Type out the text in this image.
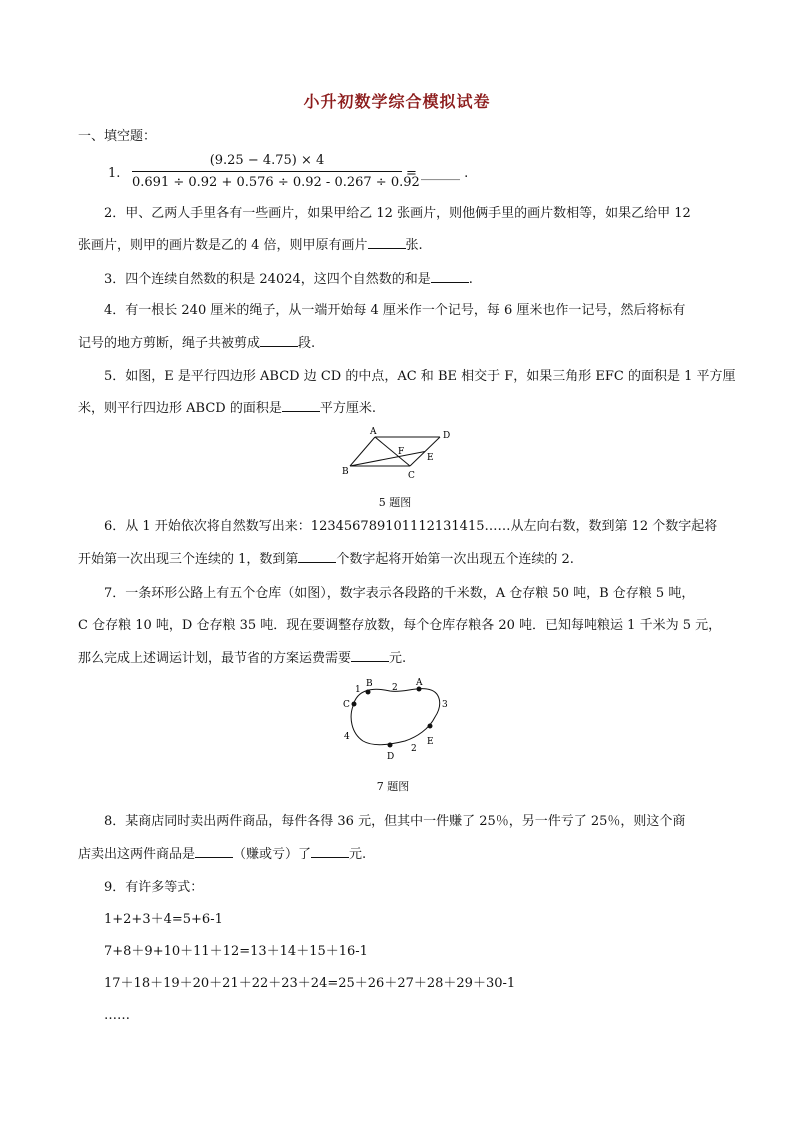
小升初数学综合模拟试卷
一、填空题：
1.
(9.25 − 4.75) × 4
0.691 ÷ 0.92 + 0.576 ÷ 0.92 - 0.267 ÷ 0.92
= ______ .
2．甲、乙两人手里各有一些画片，如果甲给乙 12 张画片，则他俩手里的画片数相等，如果乙给甲 12
张画片，则甲的画片数是乙的 4 倍，则甲原有画片	张.
3．四个连续自然数的积是 24024，这四个自然数的和是	.
4．有一根长 240 厘米的绳子，从一端开始每 4 厘米作一个记号，每 6 厘米也作一记号，然后将标有
记号的地方剪断，绳子共被剪成	段.
5．如图，E 是平行四边形 ABCD 边 CD 的中点，AC 和 BE 相交于 F，如果三角形 EFC 的面积是 1 平方厘
米，则平行四边形 ABCD 的面积是	平方厘米.
A	D
B	C
E
F
5 题图
6．从 1 开始依次将自然数写出来：123456789101112131415……从左向右数，数到第 12 个数字起将
开始第一次出现三个连续的 1，数到第	个数字起将开始第一次出现五个连续的 2.
7．一条环形公路上有五个仓库（如图），数字表示各段路的千米数，A 仓存粮 50 吨，B 仓存粮 5 吨，
C 仓存粮 10 吨，D 仓存粮 35 吨．现在要调整存放数，每个仓库存粮各 20 吨．已知每吨粮运 1 千米为 5 元，
那么完成上述调运计划，最节省的方案运费需要	元.
C
B	A
E
D
1	2
3
2
4
7 题图
8．某商店同时卖出两件商品，每件各得 36 元，但其中一件赚了 25％，另一件亏了 25％，则这个商
店卖出这两件商品是	（赚或亏）了	元.
9．有许多等式：
1+2+3＋4=5+6-1
7+8＋9+10＋11＋12=13＋14＋15＋16-1
17＋18＋19＋20＋21＋22＋23＋24=25＋26＋27＋28＋29＋30-1
……
